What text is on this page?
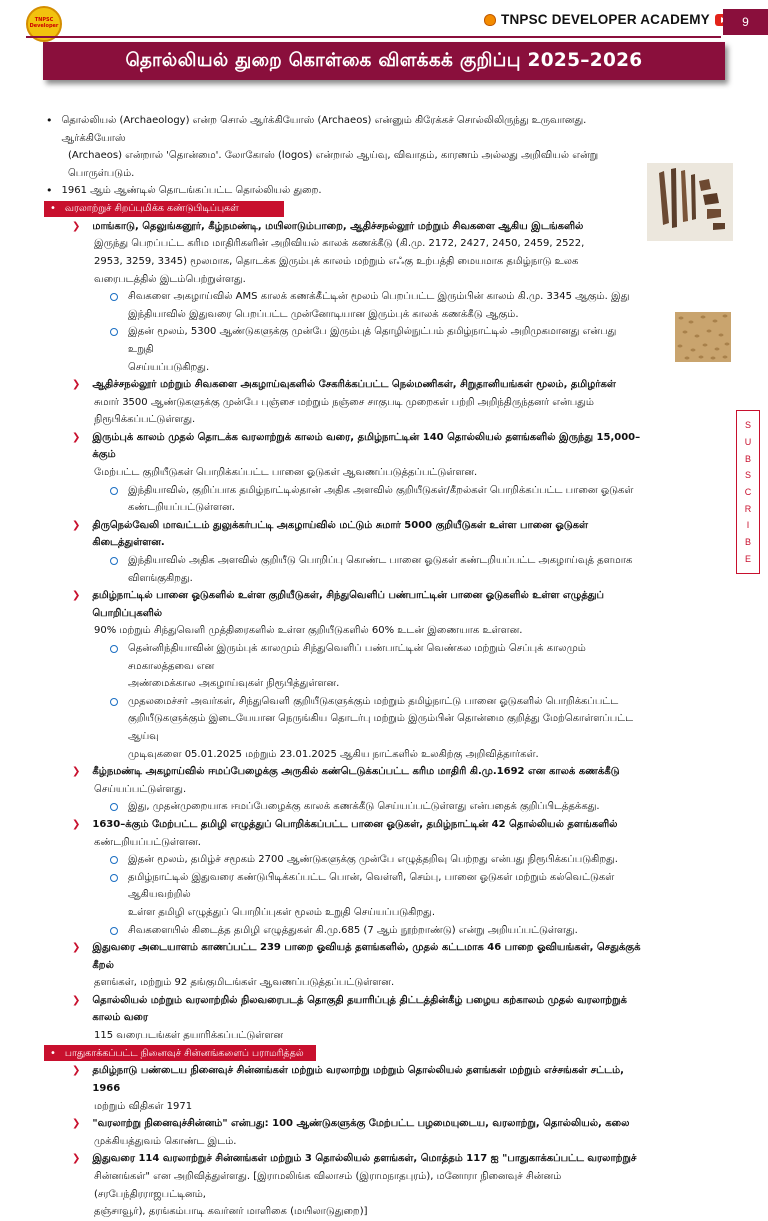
TNPSC
Developer	TNPSC DEVELOPER ACADEMY	9
தொல்லியல் துறை கொள்கை விளக்கக் குறிப்பு 2025–2026
S
U
B
S
C
R
I
B
E
• தொல்லியல் (Archaeology) என்ற சொல் ஆர்க்கியோஸ் (Archaeos) என்னும் கிரேக்கச் சொல்லிலிருந்து உருவானது. ஆர்க்கியோஸ்
(Archaeos) என்றால் 'தொன்மை'. லோகோஸ் (logos) என்றால் ஆய்வு, விவாதம், காரணம் அல்லது அறிவியல் என்று பொருள்படும்.
• 1961 ஆம் ஆண்டில் தொடங்கப்பட்ட தொல்லியல் துறை.
• வரலாற்றுச் சிறப்புமிக்க கண்டுபிடிப்புகள்
❯ மாங்காடு, தெலுங்கனூர், கீழ்நமண்டி, மயிலாடும்பாறை, ஆதிச்சநல்லூர் மற்றும் சிவகளை ஆகிய இடங்களில்
இருந்து பெறப்பட்ட கரிம மாதிரிகளின் அறிவியல் காலக் கணக்கீடு (கி.மு. 2172, 2427, 2450, 2459, 2522,
2953, 3259, 3345) மூலமாக, தொடக்க இரும்புக் காலம் மற்றும் எஃகு உற்பத்தி மையமாக தமிழ்நாடு உலக
வரைபடத்தில் இடம்பெற்றுள்ளது.
சிவகளை அகழாய்வில் AMS காலக் கணக்கீட்டின் மூலம் பெறப்பட்ட இரும்பின் காலம் கி.மு. 3345 ஆகும். இது
இந்தியாவில் இதுவரை பெறப்பட்ட முன்னோடியான இரும்புக் காலக் கணக்கீடு ஆகும்.
இதன் மூலம், 5300 ஆண்டுகளுக்கு முன்பே இரும்புத் தொழில்நுட்பம் தமிழ்நாட்டில் அறிமுகமானது என்பது உறுதி
செய்யப்படுகிறது.
❯ ஆதிச்சநல்லூர் மற்றும் சிவகளை அகழாய்வுகளில் சேகரிக்கப்பட்ட நெல்மணிகள், சிறுதானியங்கள் மூலம், தமிழர்கள்
சுமார் 3500 ஆண்டுகளுக்கு முன்பே புஞ்சை மற்றும் நஞ்சை சாகுபடி முறைகள் பற்றி அறிந்திருந்தனர் என்பதும்
நிரூபிக்கப்பட்டுள்ளது.
❯ இரும்புக் காலம் முதல் தொடக்க வரலாற்றுக் காலம் வரை, தமிழ்நாட்டின் 140 தொல்லியல் தளங்களில் இருந்து 15,000–க்கும்
மேற்பட்ட குறியீடுகள் பொறிக்கப்பட்ட பானை ஓடுகள் ஆவணப்படுத்தப்பட்டுள்ளன.
இந்தியாவில், குறிப்பாக தமிழ்நாட்டில்தான் அதிக அளவில் குறியீடுகள்/கீறல்கள் பொறிக்கப்பட்ட பானை ஓடுகள்
கண்டறியப்பட்டுள்ளன.
❯ திருநெல்வேலி மாவட்டம் துலுக்கர்பட்டி அகழாய்வில் மட்டும் சுமார் 5000 குறியீடுகள் உள்ள பானை ஓடுகள் கிடைத்துள்ளன.
இந்தியாவில் அதிக அளவில் குறியீடு பொறிப்பு கொண்ட பானை ஓடுகள் கண்டறியப்பட்ட அகழாய்வுத் தளமாக
விளங்குகிறது.
❯ தமிழ்நாட்டில் பானை ஓடுகளில் உள்ள குறியீடுகள், சிந்துவெளிப் பண்பாட்டின் பானை ஓடுகளில் உள்ள எழுத்துப் பொறிப்புகளில்
90% மற்றும் சிந்துவெளி முத்திரைகளில் உள்ள குறியீடுகளில் 60% உடன் இணையாக உள்ளன.
தென்னிந்தியாவின் இரும்புக் காலமும் சிந்துவெளிப் பண்பாட்டின் வெண்கல மற்றும் செப்புக் காலமும் சமகாலத்தவை என
அண்மைக்கால அகழாய்வுகள் நிரூபித்துள்ளன.
முதலமைச்சர் அவர்கள், சிந்துவெளி குறியீடுகளுக்கும் மற்றும் தமிழ்நாட்டு பானை ஓடுகளில் பொறிக்கப்பட்ட
குறியீடுகளுக்கும் இடையேயான நெருங்கிய தொடர்பு மற்றும் இரும்பின் தொன்மை குறித்து மேற்கொள்ளப்பட்ட ஆய்வு
முடிவுகளை 05.01.2025 மற்றும் 23.01.2025 ஆகிய நாட்களில் உலகிற்கு அறிவித்தார்கள்.
❯ கீழ்நமண்டி அகழாய்வில் ஈமப்பேழைக்கு அருகில் கண்டெடுக்கப்பட்ட கரிம மாதிரி கி.மு.1692 என காலக் கணக்கீடு
செய்யப்பட்டுள்ளது.
இது, முதன்முறையாக ஈமப்பேழைக்கு காலக் கணக்கீடு செய்யப்பட்டுள்ளது என்பதைக் குறிப்பிடத்தக்கது.
❯ 1630–க்கும் மேற்பட்ட தமிழி எழுத்துப் பொறிக்கப்பட்ட பானை ஓடுகள், தமிழ்நாட்டின் 42 தொல்லியல் தளங்களில்
கண்டறியப்பட்டுள்ளன.
இதன் மூலம், தமிழ்ச் சமூகம் 2700 ஆண்டுகளுக்கு முன்பே எழுத்தறிவு பெற்றது என்பது நிரூபிக்கப்படுகிறது.
தமிழ்நாட்டில் இதுவரை கண்டுபிடிக்கப்பட்ட பொன், வெள்ளி, செம்பு, பானை ஓடுகள் மற்றும் கல்வெட்டுகள் ஆகியவற்றில்
உள்ள தமிழி எழுத்துப் பொறிப்புகள் மூலம் உறுதி செய்யப்படுகிறது.
சிவகளையில் கிடைத்த தமிழி எழுத்துகள் கி.மு.685 (7 ஆம் நூற்றாண்டு) என்று அறியப்பட்டுள்ளது.
❯ இதுவரை அடையாளம் காணப்பட்ட 239 பாறை ஓவியத் தளங்களில், முதல் கட்டமாக 46 பாறை ஓவியங்கள், செதுக்குக் கீறல்
தளங்கள், மற்றும் 92 தங்குமிடங்கள் ஆவணப்படுத்தப்பட்டுள்ளன.
❯ தொல்லியல் மற்றும் வரலாற்றில் நிலவரைபடத் தொகுதி தயாரிப்புத் திட்டத்தின்கீழ் பழைய கற்காலம் முதல் வரலாற்றுக் காலம் வரை
115 வரைபடங்கள் தயாரிக்கப்பட்டுள்ளன
• பாதுகாக்கப்பட்ட நினைவுச் சின்னங்களைப் பராமரித்தல்
❯ தமிழ்நாடு பண்டைய நினைவுச் சின்னங்கள் மற்றும் வரலாற்று மற்றும் தொல்லியல் தளங்கள் மற்றும் எச்சங்கள் சட்டம், 1966
மற்றும் விதிகள் 1971
❯ "வரலாற்று நினைவுச்சின்னம்" என்பது: 100 ஆண்டுகளுக்கு மேற்பட்ட பழமையுடைய, வரலாற்று, தொல்லியல், கலை
முக்கியத்துவம் கொண்ட இடம்.
❯ இதுவரை 114 வரலாற்றுச் சின்னங்கள் மற்றும் 3 தொல்லியல் தளங்கள், மொத்தம் 117 ஐ "பாதுகாக்கப்பட்ட வரலாற்றுச்
சின்னங்கள்" என அறிவித்துள்ளது. [இராமலிங்க விலாசம் (இராமநாதபுரம்), மனோரா நினைவுச் சின்னம் (சரபேந்திரராஜபட்டினம்,
தஞ்சாவூர்), தரங்கம்பாடி கவர்னர் மாளிகை (மயிலாடுதுறை)]
